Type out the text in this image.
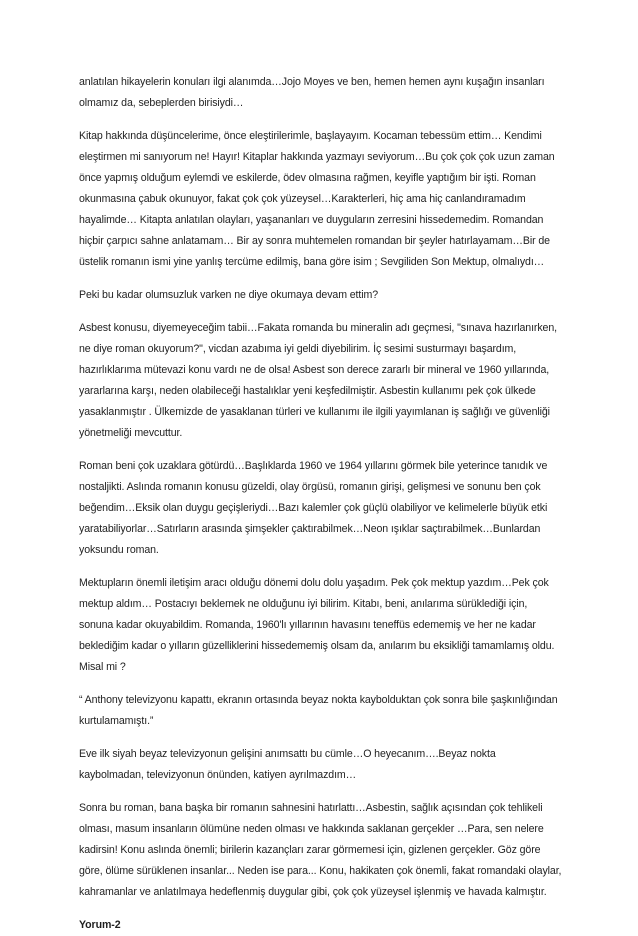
anlatılan hikayelerin konuları ilgi alanımda…Jojo Moyes ve ben, hemen hemen aynı kuşağın insanları olmamız da, sebeplerden birisiydi…

Kitap hakkında düşüncelerime, önce eleştirilerimle, başlayayım. Kocaman tebessüm ettim… Kendimi eleştirmen mi sanıyorum ne! Hayır! Kitaplar hakkında yazmayı seviyorum…Bu çok çok çok uzun zaman önce yapmış olduğum eylemdi ve eskilerde, ödev olmasına rağmen, keyifle yaptığım bir işti. Roman okunmasına çabuk okunuyor, fakat çok çok yüzeysel…Karakterleri, hiç ama hiç canlandıramadım hayalimde… Kitapta anlatılan olayları, yaşananları ve duyguların zerresini hissedemedim. Romandan hiçbir çarpıcı sahne anlatamam… Bir ay sonra muhtemelen romandan bir şeyler hatırlayamam…Bir de üstelik romanın ismi yine yanlış tercüme edilmiş, bana göre isim ; Sevgiliden Son Mektup, olmalıydı…

Peki bu kadar olumsuzluk varken ne diye okumaya devam ettim?

Asbest konusu, diyemeyeceğim tabii…Fakata romanda bu mineralin adı geçmesi, "sınava hazırlanırken, ne diye roman okuyorum?", vicdan azabıma iyi geldi diyebilirim. İç sesimi susturmayı başardım, hazırlıklarıma mütevazi konu vardı ne de olsa! Asbest son derece zararlı bir mineral ve 1960 yıllarında, yararlarına karşı, neden olabileceği hastalıklar yeni keşfedilmiştir. Asbestin kullanımı pek çok ülkede yasaklanmıştır . Ülkemizde de yasaklanan türleri ve kullanımı ile ilgili yayımlanan iş sağlığı ve güvenliği yönetmeliği mevcuttur.

Roman beni çok uzaklara götürdü…Başlıklarda 1960 ve 1964 yıllarını görmek bile yeterince tanıdık ve nostaljikti. Aslında romanın konusu güzeldi, olay örgüsü, romanın girişi, gelişmesi ve sonunu ben çok beğendim…Eksik olan duygu geçişleriydi…Bazı kalemler çok güçlü olabiliyor ve kelimelerle büyük etki yaratabiliyorlar…Satırların arasında şimşekler çaktırabilmek…Neon ışıklar saçtırabilmek…Bunlardan yoksundu roman.

Mektupların önemli iletişim aracı olduğu dönemi dolu dolu yaşadım. Pek çok mektup yazdım…Pek çok mektup aldım… Postacıyı beklemek ne olduğunu iyi bilirim. Kitabı, beni, anılarıma sürüklediği için, sonuna kadar okuyabildim. Romanda, 1960'lı yıllarının havasını teneffüs edememiş ve her ne kadar beklediğim kadar o yılların güzelliklerini hissedememiş olsam da, anılarım bu eksikliği tamamlamış oldu. Misal mi ?

“ Anthony televizyonu kapattı, ekranın ortasında beyaz nokta kaybolduktan çok sonra bile şaşkınlığından kurtulamamıştı.”

Eve ilk siyah beyaz televizyonun gelişini anımsattı bu cümle…O heyecanım….Beyaz nokta kaybolmadan, televizyonun önünden, katiyen ayrılmazdım…

Sonra bu roman, bana başka bir romanın sahnesini hatırlattı…Asbestin, sağlık açısından çok tehlikeli olması, masum insanların ölümüne neden olması ve hakkında saklanan gerçekler …Para, sen nelere kadirsin! Konu aslında önemli; birilerin kazançları zarar görmemesi için, gizlenen gerçekler. Göz göre göre, ölüme sürüklenen insanlar... Neden ise para... Konu, hakikaten çok önemli, fakat romandaki olaylar, kahramanlar ve anlatılmaya hedeflenmiş duygular gibi, çok çok yüzeysel işlenmiş ve havada kalmıştır.

Yorum-2
